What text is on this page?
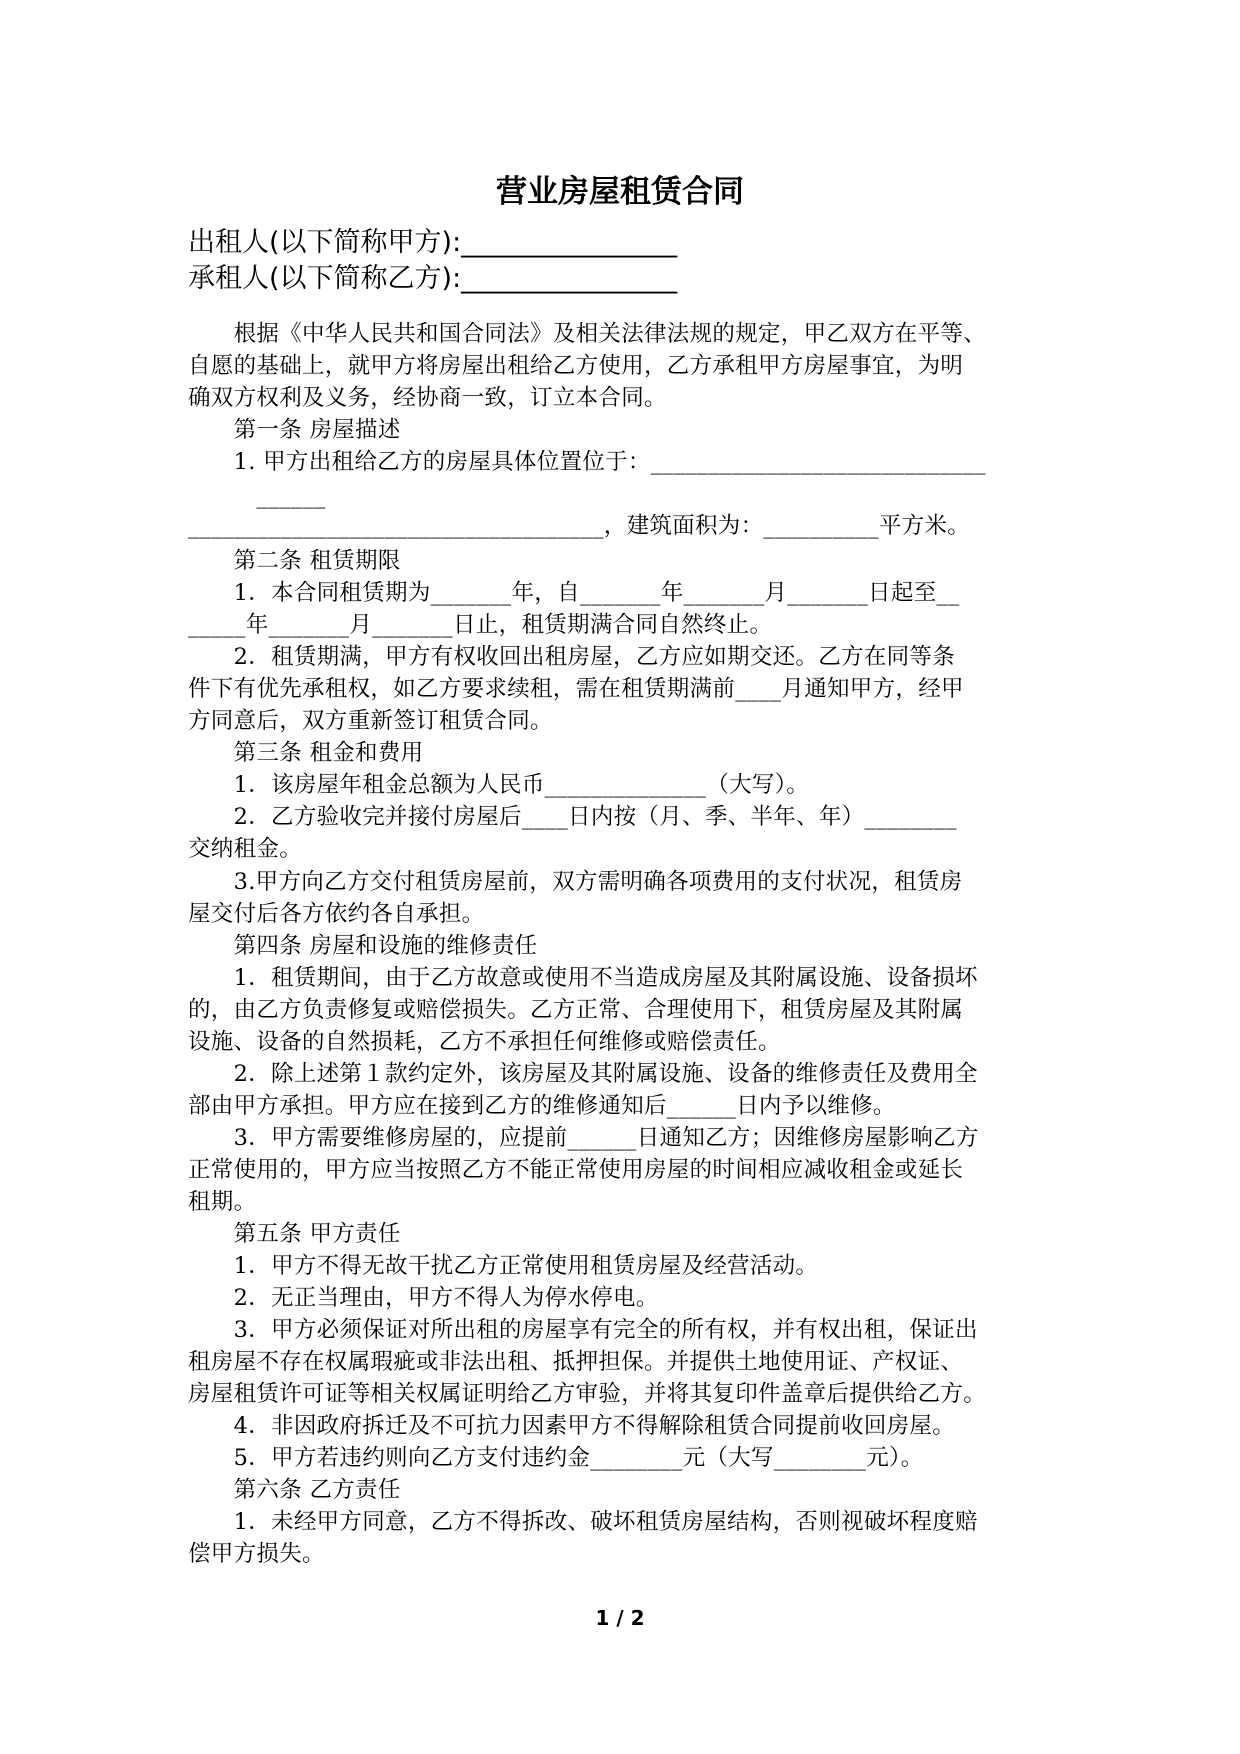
营业房屋租赁合同
出租人(以下简称甲方):________________
承租人(以下简称乙方):________________
　　根据《中华人民共和国合同法》及相关法律法规的规定，甲乙双方在平等、
自愿的基础上，就甲方将房屋出租给乙方使用，乙方承租甲方房屋事宜，为明
确双方权利及义务，经协商一致，订立本合同。
　　第一条 房屋描述
　　1. 甲方出租给乙方的房屋具体位置位于：_____________________________
　　　______
____________________________________，建筑面积为：__________平方米。
　　第二条 租赁期限
　　1．本合同租赁期为_______年，自_______年_______月_______日起至__
_____年_______月_______日止，租赁期满合同自然终止。
　　2．租赁期满，甲方有权收回出租房屋，乙方应如期交还。乙方在同等条
件下有优先承租权，如乙方要求续租，需在租赁期满前____月通知甲方，经甲
方同意后，双方重新签订租赁合同。
　　第三条 租金和费用
　　1．该房屋年租金总额为人民币______________（大写）。
　　2．乙方验收完并接付房屋后____日内按（月、季、半年、年）________
交纳租金。
　　3.甲方向乙方交付租赁房屋前，双方需明确各项费用的支付状况，租赁房
屋交付后各方依约各自承担。
　　第四条 房屋和设施的维修责任
　　1．租赁期间，由于乙方故意或使用不当造成房屋及其附属设施、设备损坏
的，由乙方负责修复或赔偿损失。乙方正常、合理使用下，租赁房屋及其附属
设施、设备的自然损耗，乙方不承担任何维修或赔偿责任。
　　2．除上述第１款约定外，该房屋及其附属设施、设备的维修责任及费用全
部由甲方承担。甲方应在接到乙方的维修通知后______日内予以维修。
　　3．甲方需要维修房屋的，应提前______日通知乙方；因维修房屋影响乙方
正常使用的，甲方应当按照乙方不能正常使用房屋的时间相应减收租金或延长
租期。
　　第五条 甲方责任
　　1．甲方不得无故干扰乙方正常使用租赁房屋及经营活动。
　　2．无正当理由，甲方不得人为停水停电。
　　3．甲方必须保证对所出租的房屋享有完全的所有权，并有权出租，保证出
租房屋不存在权属瑕疵或非法出租、抵押担保。并提供土地使用证、产权证、
房屋租赁许可证等相关权属证明给乙方审验，并将其复印件盖章后提供给乙方。
　　4．非因政府拆迁及不可抗力因素甲方不得解除租赁合同提前收回房屋。
　　5．甲方若违约则向乙方支付违约金________元（大写________元）。
　　第六条 乙方责任
　　1．未经甲方同意，乙方不得拆改、破坏租赁房屋结构，否则视破坏程度赔
偿甲方损失。
1 / 2
